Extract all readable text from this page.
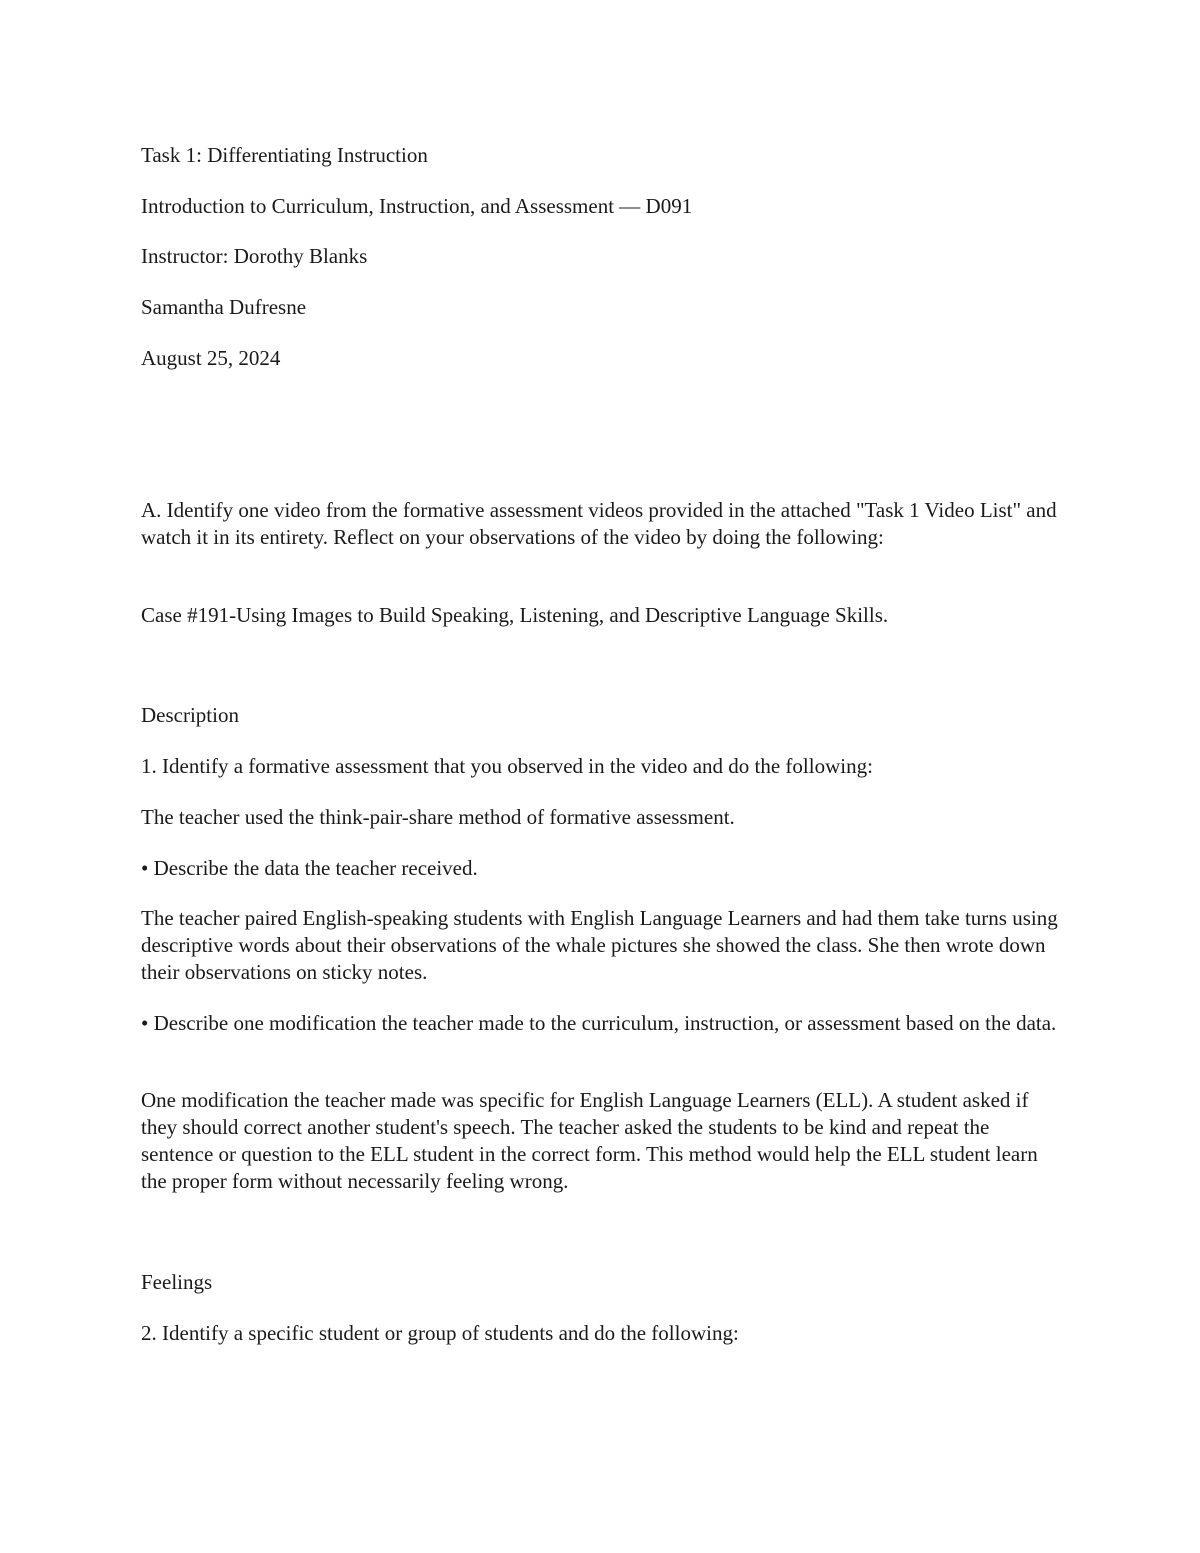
Task 1: Differentiating Instruction

Introduction to Curriculum, Instruction, and Assessment — D091

Instructor: Dorothy Blanks

Samantha Dufresne

August 25, 2024

A. Identify one video from the formative assessment videos provided in the attached "Task 1 Video List" and watch it in its entirety. Reflect on your observations of the video by doing the following:

Case #191-Using Images to Build Speaking, Listening, and Descriptive Language Skills.

Description

1. Identify a formative assessment that you observed in the video and do the following:

The teacher used the think-pair-share method of formative assessment.

• Describe the data the teacher received.

The teacher paired English-speaking students with English Language Learners and had them take turns using descriptive words about their observations of the whale pictures she showed the class. She then wrote down their observations on sticky notes.

• Describe one modification the teacher made to the curriculum, instruction, or assessment based on the data.

One modification the teacher made was specific for English Language Learners (ELL). A student asked if they should correct another student's speech. The teacher asked the students to be kind and repeat the sentence or question to the ELL student in the correct form. This method would help the ELL student learn the proper form without necessarily feeling wrong.

Feelings

2. Identify a specific student or group of students and do the following:
